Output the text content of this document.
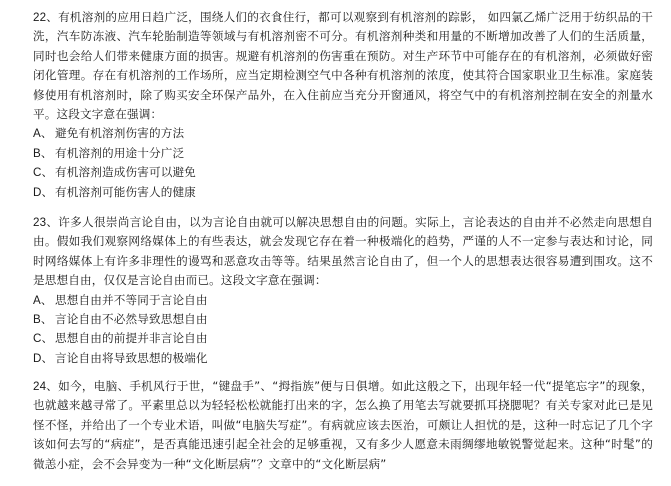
22、有机溶剂的应用日趋广泛，围绕人们的衣食住行，都可以观察到有机溶剂的踪影， 如四氯乙烯广泛用于纺织品的干洗，汽车防冻液、汽车轮胎制造等领域与有机溶剂密不可分。有机溶剂种类和用量的不断增加改善了人们的生活质量，同时也会给人们带来健康方面的损害。规避有机溶剂的伤害重在预防。对生产环节中可能存在的有机溶剂，必须做好密闭化管理。存在有机溶剂的工作场所，应当定期检测空气中各种有机溶剂的浓度，使其符合国家职业卫生标准。家庭装修使用有机溶剂时，除了购买安全环保产品外，在入住前应当充分开窗通风，将空气中的有机溶剂控制在安全的剂量水平。这段文字意在强调：

A、 避免有机溶剂伤害的方法
B、 有机溶剂的用途十分广泛
C、 有机溶剂造成伤害可以避免
D、 有机溶剂可能伤害人的健康

23、许多人很崇尚言论自由，以为言论自由就可以解决思想自由的问题。实际上，言论表达的自由并不必然走向思想自由。假如我们观察网络媒体上的有些表达，就会发现它存在着一种极端化的趋势，严谨的人不一定参与表达和讨论，同时网络媒体上有许多非理性的谩骂和恶意攻击等等。结果虽然言论自由了，但一个人的思想表达很容易遭到围攻。这不是思想自由，仅仅是言论自由而已。这段文字意在强调：

A、 思想自由并不等同于言论自由
B、 言论自由不必然导致思想自由
C、 思想自由的前提并非言论自由
D、 言论自由将导致思想的极端化

24、如今，电脑、手机风行于世，“键盘手”、“拇指族”便与日俱增。如此这般之下，出现年轻一代“提笔忘字”的现象，也就越来越寻常了。平素里总以为轻轻松松就能打出来的字，怎么换了用笔去写就要抓耳挠腮呢？有关专家对此已是见怪不怪，并给出了一个专业术语，叫做“电脑失写症”。有病就应该去医治，可颇让人担忧的是，这种一时忘记了几个字该如何去写的“病症”，是否真能迅速引起全社会的足够重视，又有多少人愿意未雨绸缪地敏锐警觉起来。这种“时髦”的微恙小症，会不会异变为一种“文化断层病”？文章中的“文化断层病”
